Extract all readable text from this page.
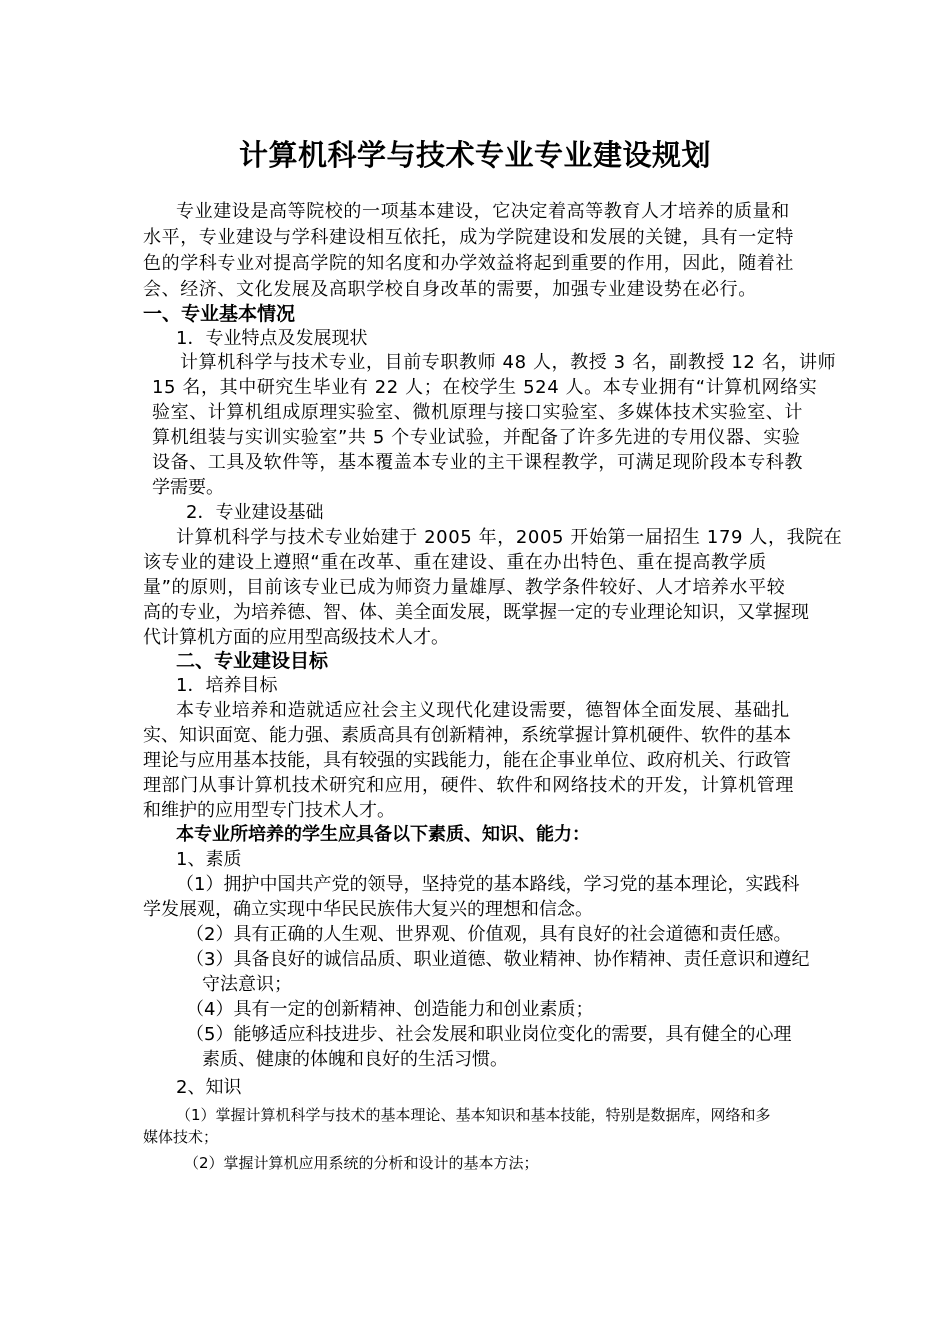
计算机科学与技术专业专业建设规划
专业建设是高等院校的一项基本建设，它决定着高等教育人才培养的质量和
水平，专业建设与学科建设相互依托，成为学院建设和发展的关键，具有一定特
色的学科专业对提高学院的知名度和办学效益将起到重要的作用，因此，随着社
会、经济、文化发展及高职学校自身改革的需要，加强专业建设势在必行。
一、专业基本情况
1．专业特点及发展现状
计算机科学与技术专业，目前专职教师 48 人，教授 3 名，副教授 12 名，讲师
15 名，其中研究生毕业有 22 人；在校学生 524 人。本专业拥有“计算机网络实
验室、计算机组成原理实验室、微机原理与接口实验室、多媒体技术实验室、计
算机组装与实训实验室”共 5 个专业试验，并配备了许多先进的专用仪器、实验
设备、工具及软件等，基本覆盖本专业的主干课程教学，可满足现阶段本专科教
学需要。
2．专业建设基础
计算机科学与技术专业始建于 2005 年，2005 开始第一届招生 179 人，我院在
该专业的建设上遵照“重在改革、重在建设、重在办出特色、重在提高教学质
量”的原则，目前该专业已成为师资力量雄厚、教学条件较好、人才培养水平较
高的专业，为培养德、智、体、美全面发展，既掌握一定的专业理论知识，又掌握现
代计算机方面的应用型高级技术人才。
二、专业建设目标
1．培养目标
本专业培养和造就适应社会主义现代化建设需要，德智体全面发展、基础扎
实、知识面宽、能力强、素质高具有创新精神，系统掌握计算机硬件、软件的基本
理论与应用基本技能，具有较强的实践能力，能在企事业单位、政府机关、行政管
理部门从事计算机技术研究和应用，硬件、软件和网络技术的开发，计算机管理
和维护的应用型专门技术人才。
本专业所培养的学生应具备以下素质、知识、能力：
1、素质
（1）拥护中国共产党的领导，坚持党的基本路线，学习党的基本理论，实践科
学发展观，确立实现中华民民族伟大复兴的理想和信念。
（2）具有正确的人生观、世界观、价值观，具有良好的社会道德和责任感。
（3）具备良好的诚信品质、职业道德、敬业精神、协作精神、责任意识和遵纪
守法意识；
（4）具有一定的创新精神、创造能力和创业素质；
（5）能够适应科技进步、社会发展和职业岗位变化的需要，具有健全的心理
素质、健康的体魄和良好的生活习惯。
2、知识
（1）掌握计算机科学与技术的基本理论、基本知识和基本技能，特别是数据库，网络和多
媒体技术；
（2）掌握计算机应用系统的分析和设计的基本方法；
